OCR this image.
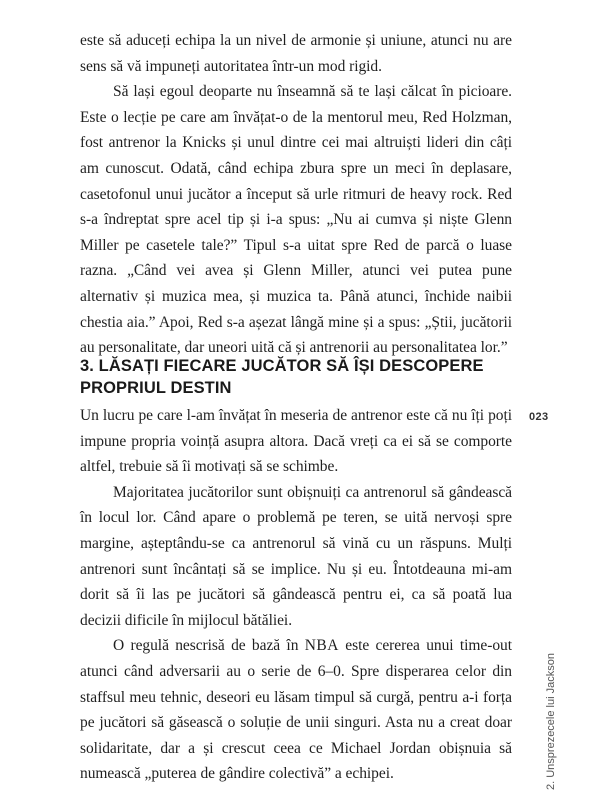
este să aduceți echipa la un nivel de armonie și uniune, atunci nu are sens să vă impuneți autoritatea într-un mod rigid.

Să lași egoul deoparte nu înseamnă să te lași călcat în picioare. Este o lecție pe care am învățat-o de la mentorul meu, Red Holzman, fost antrenor la Knicks și unul dintre cei mai altruiști lideri din câți am cunoscut. Odată, când echipa zbura spre un meci în deplasare, casetofonul unui jucător a început să urle ritmuri de heavy rock. Red s-a îndreptat spre acel tip și i-a spus: „Nu ai cumva și niște Glenn Miller pe casetele tale?” Tipul s-a uitat spre Red de parcă o luase razna. „Când vei avea și Glenn Miller, atunci vei putea pune alternativ și muzica mea, și muzica ta. Până atunci, închide naibii chestia aia.” Apoi, Red s-a așezat lângă mine și a spus: „Știi, jucătorii au personalitate, dar uneori uită că și antrenorii au personalitatea lor.”

3. LĂSAȚI FIECARE JUCĂTOR SĂ ÎȘI DESCOPERE PROPRIUL DESTIN

Un lucru pe care l-am învățat în meseria de antrenor este că nu îți poți impune propria voință asupra altora. Dacă vreți ca ei să se comporte altfel, trebuie să îi motivați să se schimbe.

Majoritatea jucătorilor sunt obișnuiți ca antrenorul să gândească în locul lor. Când apare o problemă pe teren, se uită nervoși spre margine, așteptându-se ca antrenorul să vină cu un răspuns. Mulți antrenori sunt încântați să se implice. Nu și eu. Întotdeauna mi-am dorit să îi las pe jucători să gândească pentru ei, ca să poată lua decizii dificile în mijlocul bătăliei.

O regulă nescrisă de bază în NBA este cererea unui time-out atunci când adversarii au o serie de 6–0. Spre disperarea celor din staffsul meu tehnic, deseori eu lăsam timpul să curgă, pentru a-i forța pe jucători să găsească o soluție de unii singuri. Asta nu a creat doar solidaritate, dar a și crescut ceea ce Michael Jordan obișnuia să numească „puterea de gândire colectivă” a echipei.

023
2. Unsprezecele lui Jackson
